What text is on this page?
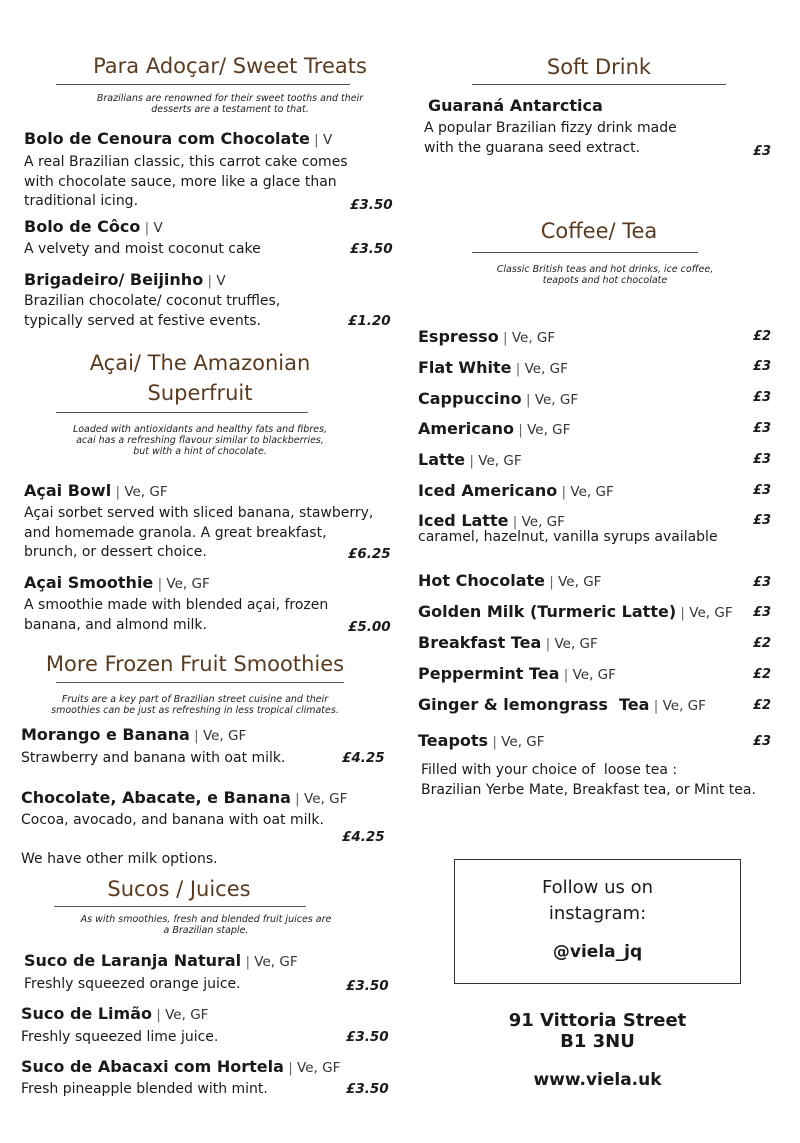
Para Adoçar/ Sweet Treats
Brazilians are renowned for their sweet tooths and their
desserts are a testament to that.
Bolo de Cenoura com Chocolate | V
A real Brazilian classic, this carrot cake comes
with chocolate sauce, more like a glace than
traditional icing.	£3.50
Bolo de Côco | V
A velvety and moist coconut cake	£3.50
Brigadeiro/ Beijinho | V
Brazilian chocolate/ coconut truffles,
typically served at festive events.	£1.20
Açai/ The Amazonian
Superfruit
Loaded with antioxidants and healthy fats and fibres,
acai has a refreshing flavour similar to blackberries,
but with a hint of chocolate.
Açai Bowl | Ve, GF
Açai sorbet served with sliced banana, stawberry,
and homemade granola. A great breakfast,
brunch, or dessert choice.	£6.25
Açai Smoothie | Ve, GF
A smoothie made with blended açai, frozen
banana, and almond milk.	£5.00
More Frozen Fruit Smoothies
Fruits are a key part of Brazilian street cuisine and their
smoothies can be just as refreshing in less tropical climates.
Morango e Banana | Ve, GF
Strawberry and banana with oat milk.	£4.25
Chocolate, Abacate, e Banana | Ve, GF
Cocoa, avocado, and banana with oat milk.
£4.25
We have other milk options.
Sucos / Juices
As with smoothies, fresh and blended fruit juices are
a Brazilian staple.
Suco de Laranja Natural | Ve, GF
Freshly squeezed orange juice.	£3.50
Suco de Limão | Ve, GF
Freshly squeezed lime juice.	£3.50
Suco de Abacaxi com Hortela | Ve, GF
Fresh pineapple blended with mint.	£3.50
Soft Drink
Guaraná Antarctica
A popular Brazilian fizzy drink made
with the guarana seed extract.	£3
Coffee/ Tea
Classic British teas and hot drinks, ice coffee,
teapots and hot chocolate
Espresso | Ve, GF	£2
Flat White | Ve, GF	£3
Cappuccino | Ve, GF	£3
Americano | Ve, GF	£3
Latte | Ve, GF	£3
Iced Americano | Ve, GF	£3
Iced Latte | Ve, GF	£3
caramel, hazelnut, vanilla syrups available
Hot Chocolate | Ve, GF	£3
Golden Milk (Turmeric Latte) | Ve, GF £3
Breakfast Tea | Ve, GF	£2
Peppermint Tea | Ve, GF	£2
Ginger & lemongrass  Tea | Ve, GF	£2
Teapots | Ve, GF	£3
Filled with your choice of  loose tea :
Brazilian Yerbe Mate, Breakfast tea, or Mint tea.
Follow us on
instagram:
@viela_jq
91 Vittoria Street
B1 3NU
www.viela.uk
